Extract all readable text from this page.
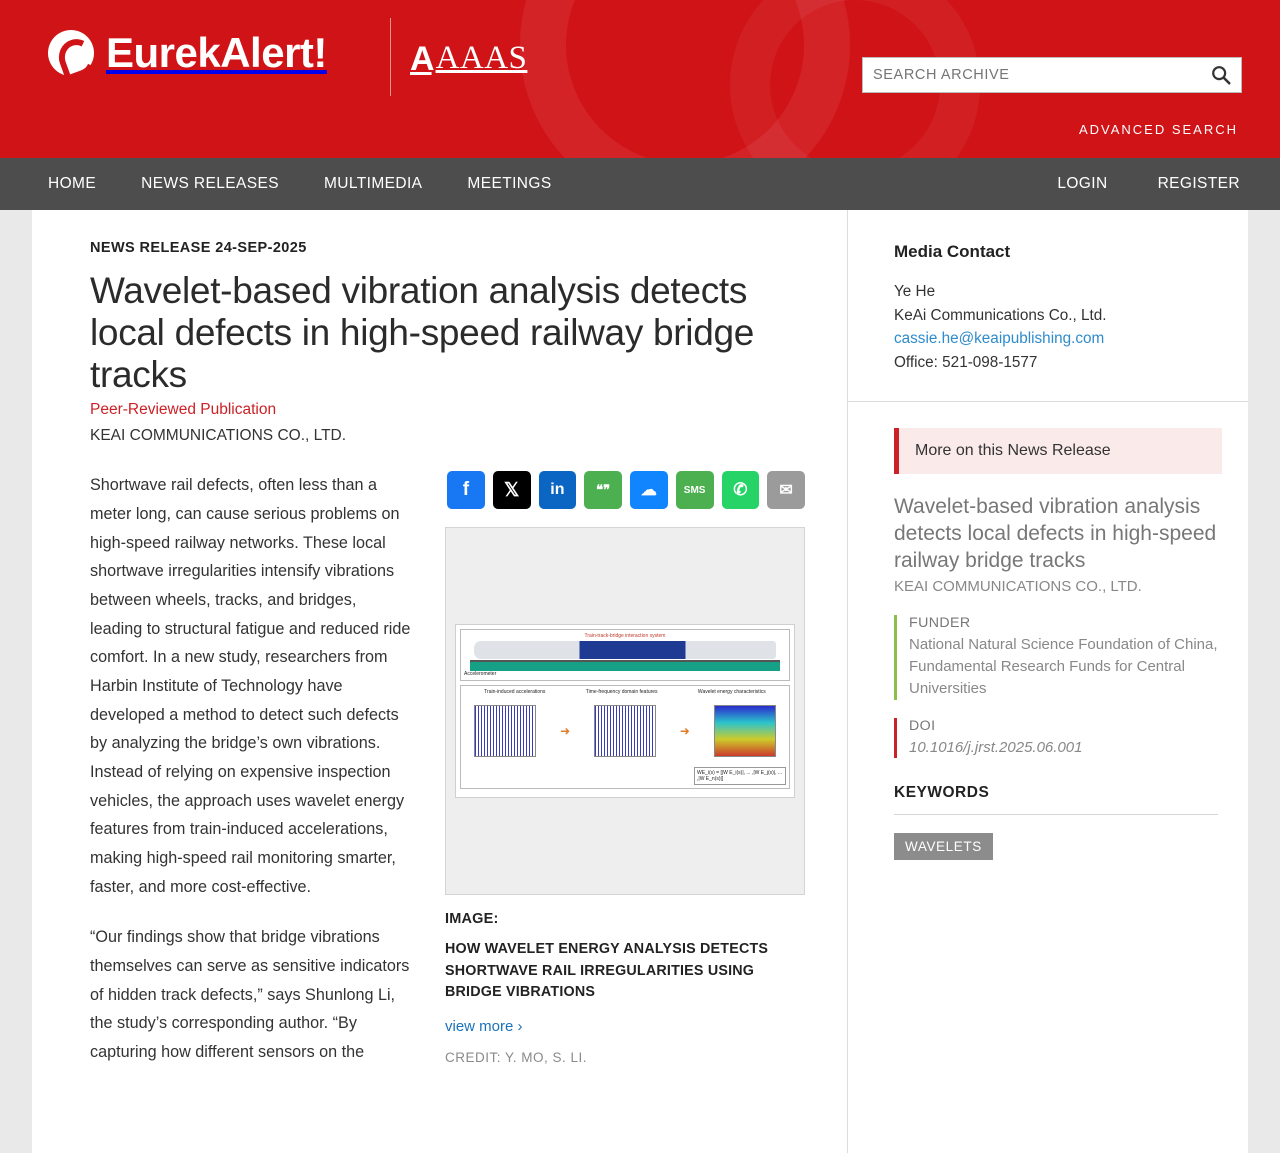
EurekAlert! A AAAS
SEARCH ARCHIVE
ADVANCED SEARCH
HOME	NEWS RELEASES	MULTIMEDIA	MEETINGS	LOGIN	REGISTER
NEWS RELEASE 24-SEP-2025
Wavelet-based vibration analysis detects local defects in high-speed railway bridge tracks
Peer-Reviewed Publication
KEAI COMMUNICATIONS CO., LTD.

Shortwave rail defects, often less than a meter long, can cause serious problems on high-speed railway networks. These local shortwave irregularities intensify vibrations between wheels, tracks, and bridges, leading to structural fatigue and reduced ride comfort. In a new study, researchers from Harbin Institute of Technology have developed a method to detect such defects by analyzing the bridge’s own vibrations. Instead of relying on expensive inspection vehicles, the approach uses wavelet energy features from train-induced accelerations, making high-speed rail monitoring smarter, faster, and more cost-effective.

“Our findings show that bridge vibrations themselves can serve as sensitive indicators of hidden track defects,” says Shunlong Li, the study’s corresponding author. “By capturing how different sensors on the

f	𝕏	in	❝❞	☁	SMS	✆	✉
Train-track-bridge interaction system
Accelerometer
Train-induced accelerations	Time-frequency domain features	Wavelet energy characteristics
➜	➜
WE_i(s) = [|W E_i(s)|, ... ,|W E_j(s)|, ... ,|W E_n(s)|]
IMAGE:
HOW WAVELET ENERGY ANALYSIS DETECTS SHORTWAVE RAIL IRREGULARITIES USING BRIDGE VIBRATIONS
view more ›
CREDIT: Y. MO, S. LI.
Media Contact
Ye He
KeAi Communications Co., Ltd.
cassie.he@keaipublishing.com
Office: 521-098-1577
More on this News Release
Wavelet-based vibration analysis detects local defects in high-speed railway bridge tracks
KEAI COMMUNICATIONS CO., LTD.
FUNDER
National Natural Science Foundation of China, Fundamental Research Funds for Central Universities
DOI
10.1016/j.jrst.2025.06.001
KEYWORDS
WAVELETS
